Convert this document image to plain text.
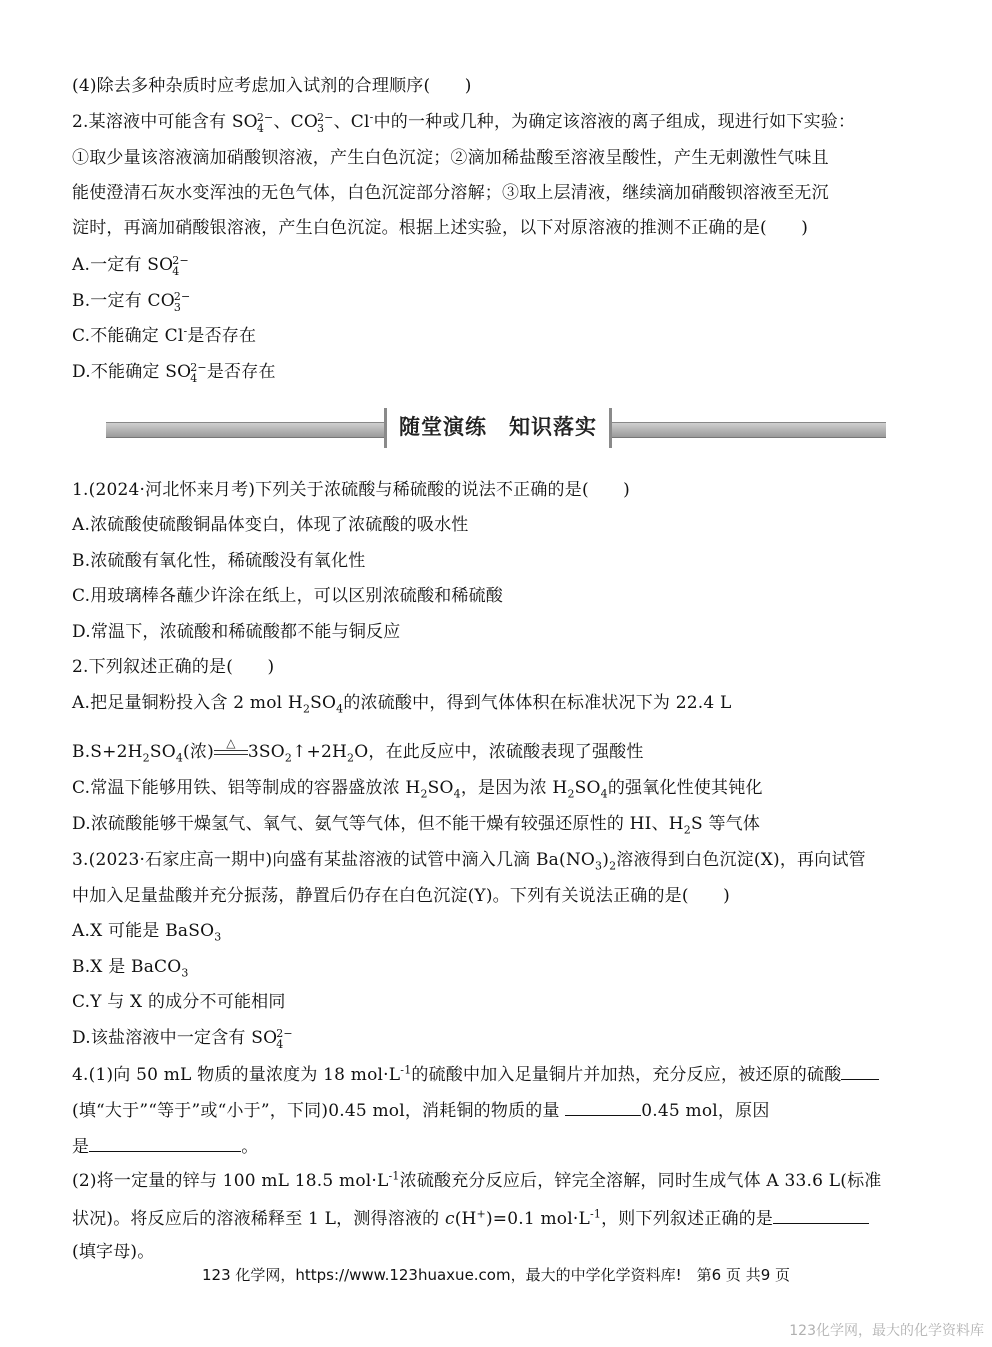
(4)除去多种杂质时应考虑加入试剂的合理顺序(　　)
2.某溶液中可能含有 SO 2−
4 、CO 2−
3 、Cl-中的一种或几种，为确定该溶液的离子组成，现进行如下实验：
①取少量该溶液滴加硝酸钡溶液，产生白色沉淀；②滴加稀盐酸至溶液呈酸性，产生无刺激性气味且
能使澄清石灰水变浑浊的无色气体，白色沉淀部分溶解；③取上层清液，继续滴加硝酸钡溶液至无沉
淀时，再滴加硝酸银溶液，产生白色沉淀。根据上述实验，以下对原溶液的推测不正确的是(　　)
A.一定有 SO 2−
4
B.一定有 CO 2−
3
C.不能确定 Cl-是否存在
D.不能确定 SO 2−
4 是否存在
随堂演练　知识落实
1.(2024·河北怀来月考)下列关于浓硫酸与稀硫酸的说法不正确的是(　　)
A.浓硫酸使硫酸铜晶体变白，体现了浓硫酸的吸水性
B.浓硫酸有氧化性，稀硫酸没有氧化性
C.用玻璃棒各蘸少许涂在纸上，可以区别浓硫酸和稀硫酸
D.常温下，浓硫酸和稀硫酸都不能与铜反应
2.下列叙述正确的是(　　)
A.把足量铜粉投入含 2 mol $H_2SO_4$的浓硫酸中，得到气体体积在标准状况下为 22.4 L
$B.S+2H_2SO_4$(浓) △ $3SO_2↑+2H_2O$，在此反应中，浓硫酸表现了强酸性
C.常温下能够用铁、铝等制成的容器盛放浓 $H_2SO_4$，是因为浓 $H_2SO_4$的强氧化性使其钝化
D.浓硫酸能够干燥氢气、氧气、氨气等气体，但不能干燥有较强还原性的 HI、$H_2S$ 等气体
3.(2023·石家庄高一期中)向盛有某盐溶液的试管中滴入几滴 $Ba(NO_3)_2$溶液得到白色沉淀(X)，再向试管
中加入足量盐酸并充分振荡，静置后仍存在白色沉淀(Y)。下列有关说法正确的是(　　)
A.X 可能是 BaSO$_3$
B.X 是 BaCO$_3$
C.Y 与 X 的成分不可能相同
D.该盐溶液中一定含有 SO 2−
4
4.(1)向 50 mL 物质的量浓度为 18 $mol\cdot L^{-1}$的硫酸中加入足量铜片并加热，充分反应，被还原的硫酸
(填“大于”“等于”或“小于”，下同)0.45 mol，消耗铜的物质的量	0.45 mol，原因
是	。
(2)将一定量的锌与 100 mL 18.5 $mol\cdot L^{-1}$浓硫酸充分反应后，锌完全溶解，同时生成气体 A 33.6 L(标准
状况)。将反应后的溶液稀释至 1 L，测得溶液的 c(H+)=0.1 $mol\cdot L^{-1}$，则下列叙述正确的是
(填字母)。
123 化学网，https://www.123huaxue.com，最大的中学化学资料库!　第6 页 共9 页
123化学网，最大的化学资料库
